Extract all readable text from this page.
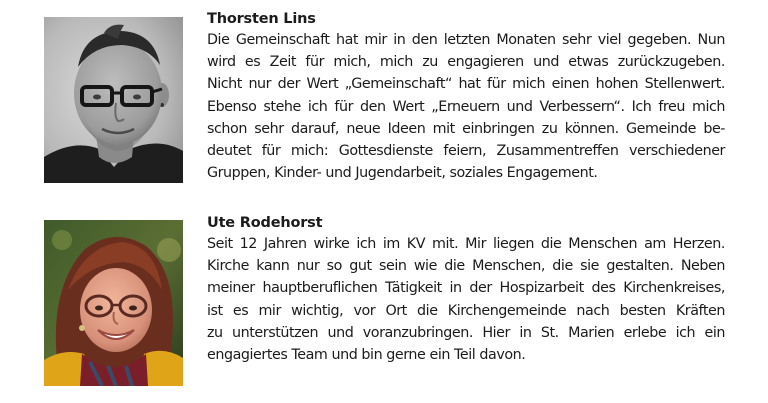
Thorsten Lins
Die Gemeinschaft hat mir in den letzten Monaten sehr viel gegeben. Nun
wird es Zeit für mich, mich zu engagieren und etwas zurückzugeben.
Nicht nur der Wert „Gemeinschaft“ hat für mich einen hohen Stellenwert.
Ebenso stehe ich für den Wert „Erneuern und Verbessern“. Ich freu mich
schon sehr darauf, neue Ideen mit einbringen zu können. Gemeinde be-
deutet für mich: Gottesdienste feiern, Zusammentreffen verschiedener
Gruppen, Kinder- und Jugendarbeit, soziales Engagement.
Ute Rodehorst
Seit 12 Jahren wirke ich im KV mit. Mir liegen die Menschen am Herzen.
Kirche kann nur so gut sein wie die Menschen, die sie gestalten. Neben
meiner hauptberuflichen Tätigkeit in der Hospizarbeit des Kirchenkreises,
ist es mir wichtig, vor Ort die Kirchengemeinde nach besten Kräften
zu unterstützen und voranzubringen. Hier in St. Marien erlebe ich ein
engagiertes Team und bin gerne ein Teil davon.
